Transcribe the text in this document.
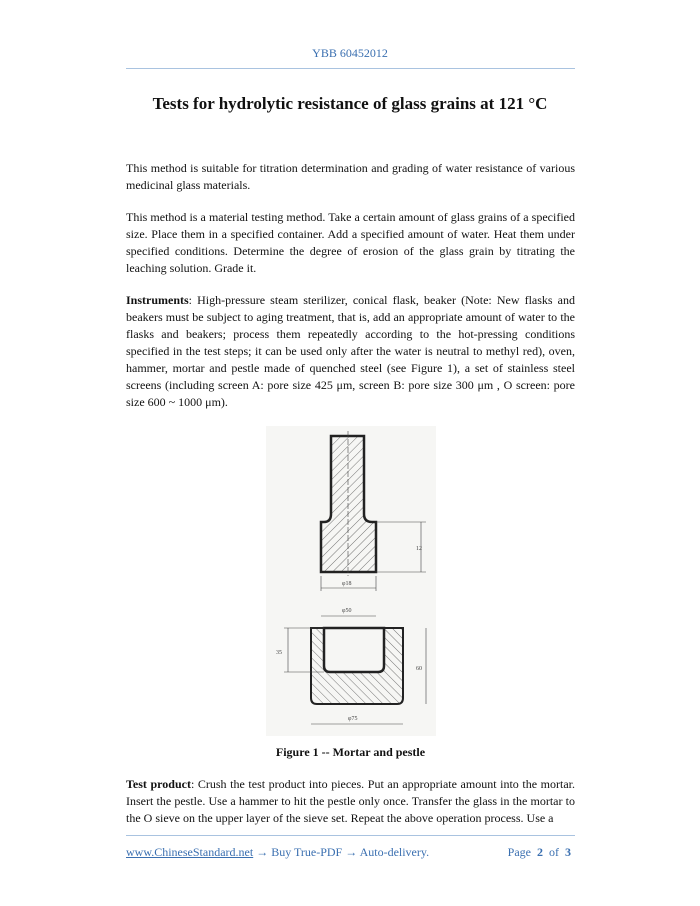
YBB 60452012
Tests for hydrolytic resistance of glass grains at 121 °C

This method is suitable for titration determination and grading of water resistance of various medicinal glass materials.

This method is a material testing method. Take a certain amount of glass grains of a specified size. Place them in a specified container. Add a specified amount of water. Heat them under specified conditions. Determine the degree of erosion of the glass grain by titrating the leaching solution. Grade it.

Instruments: High-pressure steam sterilizer, conical flask, beaker (Note: New flasks and beakers must be subject to aging treatment, that is, add an appropriate amount of water to the flasks and beakers; process them repeatedly according to the hot-pressing conditions specified in the test steps; it can be used only after the water is neutral to methyl red), oven, hammer, mortar and pestle made of quenched steel (see Figure 1), a set of stainless steel screens (including screen A: pore size 425 μm, screen B: pore size 300 μm , O screen: pore size 600 ~ 1000 μm).

12
φ18
φ50
35
60
φ75
Figure 1 -- Mortar and pestle

Test product: Crush the test product into pieces. Put an appropriate amount into the mortar. Insert the pestle. Use a hammer to hit the pestle only once. Transfer the glass in the mortar to the O sieve on the upper layer of the sieve set. Repeat the above operation process. Use a

www.ChineseStandard.net → Buy True-PDF → Auto-delivery.	Page 2 of 3
